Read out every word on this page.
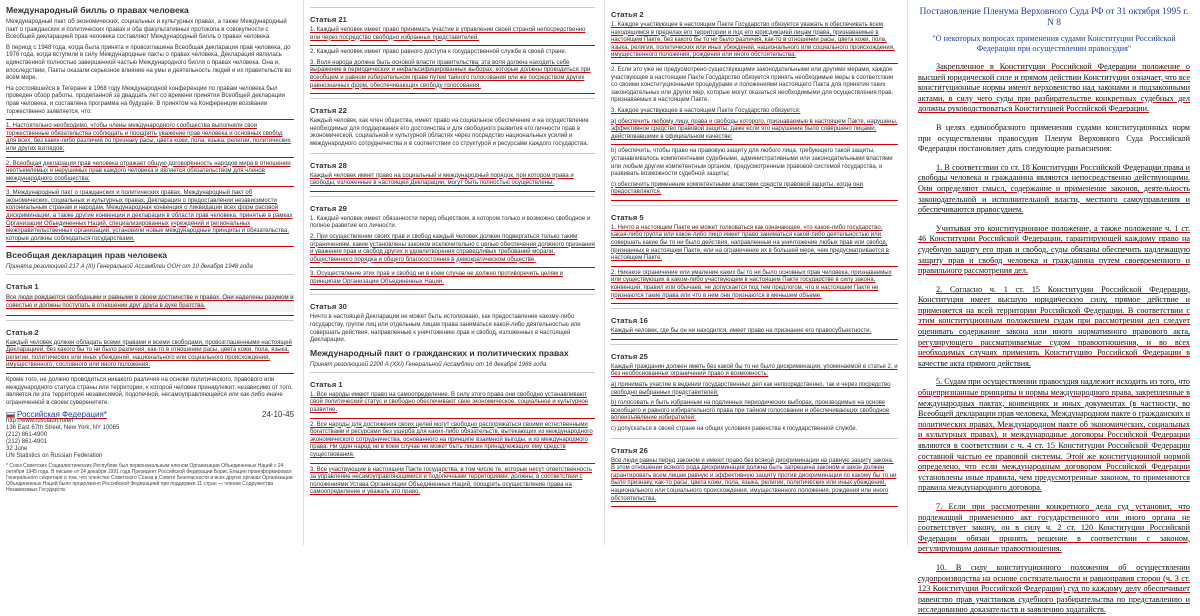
Международный билль о правах человека
Международный пакт об экономических, социальных и культурных правах, а также Международный пакт о гражданских и политических правах и оба факультативных протокола в совокупности с Всеобщей декларацией прав человека составляют Международный билль о правах человека.
В период с 1948 года, когда была принята и провозглашена Всеобщая декларация прав человека, до 1976 года, когда вступили в силу Международные пакты о правах человека, Декларация являлась единственной полностью завершенной частью Международного билля о правах человека. Она и, впоследствии, Пакты оказали серьезное влияние на умы и деятельность людей и их правительств во всем мире.
На состоявшейся в Тегеране в 1968 году Международной конференции по правам человека был проведен обзор работы, проделанной за двадцать лет со времени принятия Всеобщей декларации прав человека, и составлена программа на будущее. В принятом на Конференции воззвании торжественно заявляется, что:
1. Настоятельно необходимо, чтобы члены международного сообщества выполняли свои торжественные обязательства соблюдать и поощрять уважение прав человека и основных свобод для всех, без каких-либо различий по признаку расы, цвета кожи, пола, языка, религии, политических или других взглядов;
2. Всеобщая декларация прав человека отражает общую договоренность народов мира в отношении неотъемлемых и нерушимых прав каждого человека и является обязательством для членов международного сообщества;
3. Международный пакт о гражданских и политических правах, Международный пакт об экономических, социальных и культурных правах, Декларация о предоставлении независимости колониальным странам и народам, Международная конвенция о ликвидации всех форм расовой дискриминации, а также другие конвенции и декларации в области прав человека, принятые в рамках Организации Объединенных Наций, специализированных учреждений и региональных межправительственных организаций, установили новые международные принципы и обязательства, которые должны соблюдаться государствами.
Всеобщая декларация прав человека
Принята резолюцией 217 A (III) Генеральной Ассамблеи ООН от 10 декабря 1948 года
Статья 1
Все люди рождаются свободными и равными в своем достоинстве и правах. Они наделены разумом и совестью и должны поступать в отношении друг друга в духе братства.
Статья 2
Каждый человек должен обладать всеми правами и всеми свободами, провозглашенными настоящей Декларацией, без какого бы то ни было различия, как-то в отношении расы, цвета кожи, пола, языка, религии, политических или иных убеждений, национального или социального происхождения, имущественного, сословного или иного положения.
Кроме того, не должно проводиться никакого различия на основе политического, правового или международного статуса страны или территории, к которой человек принадлежит, независимо от того, является ли эта территория независимой, подопечной, несамоуправляющейся или как-либо иначе ограниченной в своем суверенитете.
Российская Федерация*	24-10-45
http://www.russiaun.ru/en
136 East 67th Street, New York, NY 10065
(212) 861-4900
(212) 861-4901
32 June
UN Statistics on Russian Federation
* Союз Советских Социалистических Республик был первоначальным членом Организации Объединенных Наций с 24 октября 1945 года. В письме от 24 декабря 1991 года Президент Российской Федерации Борис Ельцин проинформировал Генерального секретаря о том, что членство Советского Союза в Совете Безопасности и всех других органах Организации Объединенных Наций было продолжено Российской Федерацией при поддержке 11 стран — членов Содружества Независимых Государств.
Статья 21
1. Каждый человек имеет право принимать участие в управлении своей страной непосредственно или через посредство свободно избранных представителей.
2. Каждый человек имеет право равного доступа к государственной службе в своей стране.
3. Воля народа должна быть основой власти правительства; эта воля должна находить себе выражение в периодических и нефальсифицированных выборах, которые должны проводиться при всеобщем и равном избирательном праве путем тайного голосования или же посредством других равнозначных форм, обеспечивающих свободу голосования.
Статья 22
Каждый человек, как член общества, имеет право на социальное обеспечение и на осуществление необходимых для поддержания его достоинства и для свободного развития его личности прав в экономической, социальной и культурной областях через посредство национальных усилий и международного сотрудничества и в соответствии со структурой и ресурсами каждого государства.
Статья 28
Каждый человек имеет право на социальный и международный порядок, при котором права и свободы, изложенные в настоящей Декларации, могут быть полностью осуществлены.
Статья 29
1. Каждый человек имеет обязанности перед обществом, в котором только и возможно свободное и полное развитие его личности.
2. При осуществлении своих прав и свобод каждый человек должен подвергаться только таким ограничениям, какие установлены законом исключительно с целью обеспечения должного признания и уважения прав и свобод других и удовлетворения справедливых требований морали, общественного порядка и общего благосостояния в демократическом обществе.
3. Осуществление этих прав и свобод ни в коем случае не должно противоречить целям и принципам Организации Объединенных Наций.
Статья 30
Ничто в настоящей Декларации не может быть истолковано, как предоставление какому-либо государству, группе лиц или отдельным лицам права заниматься какой-либо деятельностью или совершать действия, направленные к уничтожению прав и свобод, изложенных в настоящей Декларации.
Международный пакт о гражданских и политических правах
Принят резолюцией 2200 A (XXI) Генеральной Ассамблеи от 16 декабря 1966 года
Статья 1
1. Все народы имеют право на самоопределение. В силу этого права они свободно устанавливают свой политический статус и свободно обеспечивают свое экономическое, социальное и культурное развитие.
2. Все народы для достижения своих целей могут свободно распоряжаться своими естественными богатствами и ресурсами без ущерба для каких-либо обязательств, вытекающих из международного экономического сотрудничества, основанного на принципе взаимной выгоды, и из международного права. Ни один народ ни в коем случае не может быть лишен принадлежащих ему средств существования.
3. Все участвующие в настоящем Пакте государства, в том числе те, которые несут ответственность за управление несамоуправляющимися и подопечными территориями, должны, в соответствии с положениями Устава Организации Объединенных Наций, поощрять осуществление права на самоопределение и уважать это право.
Статья 2
1. Каждое участвующее в настоящем Пакте Государство обязуется уважать и обеспечивать всем находящимся в пределах его территории и под его юрисдикцией лицам права, признаваемые в настоящем Пакте, без какого бы то ни было различия, как-то в отношении расы, цвета кожи, пола, языка, религии, политических или иных убеждений, национального или социального происхождения, имущественного положения, рождения или иного обстоятельства.
2. Если это уже не предусмотрено существующими законодательными или другими мерами, каждое участвующее в настоящем Пакте Государство обязуется принять необходимые меры в соответствии со своими конституционными процедурами и положениями настоящего Пакта для принятия таких законодательных или других мер, которые могут оказаться необходимыми для осуществления прав, признаваемых в настоящем Пакте.
3. Каждое участвующее в настоящем Пакте Государство обязуется:
a) обеспечить любому лицу, права и свободы которого, признаваемые в настоящем Пакте, нарушены, эффективное средство правовой защиты, даже если это нарушение было совершено лицами, действовавшими в официальном качестве;
b) обеспечить, чтобы право на правовую защиту для любого лица, требующего такой защиты, устанавливалось компетентными судебными, административными или законодательными властями или любым другим компетентным органом, предусмотренным правовой системой государства, и развивать возможности судебной защиты;
c) обеспечить применение компетентными властями средств правовой защиты, когда они предоставляются.
Статья 5
1. Ничто в настоящем Пакте не может толковаться как означающее, что какое-либо государство, какая-либо группа или какое-либо лицо имеет право заниматься какой-либо деятельностью или совершать какие бы то ни было действия, направленные на уничтожение любых прав или свобод, признанных в настоящем Пакте, или на ограничение их в большей мере, чем предусматривается в настоящем Пакте.
2. Никакое ограничение или умаление каких бы то ни было основных прав человека, признаваемых или существующих в каком-либо участвующем в настоящем Пакте государстве в силу закона, конвенций, правил или обычаев, не допускается под тем предлогом, что в настоящем Пакте не признаются такие права или что в нем они признаются в меньшем объеме.
Статья 16
Каждый человек, где бы он ни находился, имеет право на признание его правосубъектности.
Статья 25
Каждый гражданин должен иметь без какой бы то ни было дискриминации, упоминаемой в статье 2, и без необоснованных ограничений право и возможность:
a) принимать участие в ведении государственных дел как непосредственно, так и через посредство свободно выбранных представителей;
b) голосовать и быть избранным на подлинных периодических выборах, производимых на основе всеобщего и равного избирательного права при тайном голосовании и обеспечивающих свободное волеизъявление избирателей;
c) допускаться в своей стране на общих условиях равенства к государственной службе.
Статья 26
Все люди равны перед законом и имеют право без всякой дискриминации на равную защиту закона. В этом отношении всякого рода дискриминация должна быть запрещена законом и закон должен гарантировать всем лицам равную и эффективную защиту против дискриминации по какому бы то ни было признаку, как-то расы, цвета кожи, пола, языка, религии, политических или иных убеждений, национального или социального происхождения, имущественного положения, рождения или иного обстоятельства.
Постановление Пленума Верховного Суда РФ от 31 октября 1995 г. N 8
"О некоторых вопросах применения судами Конституции Российской Федерации при осуществлении правосудия"
Закрепленное в Конституции Российской Федерации положение о высшей юридической силе и прямом действии Конституции означает, что все конституционные нормы имеют верховенство над законами и подзаконными актами, в силу чего суды при разбирательстве конкретных судебных дел должны руководствоваться Конституцией Российской Федерации.
В целях единообразного применения судами конституционных норм при осуществлении правосудия Пленум Верховного Суда Российской Федерации постановляет дать следующие разъяснения:
1. В соответствии со ст. 18 Конституции Российской Федерации права и свободы человека и гражданина являются непосредственно действующими. Они определяют смысл, содержание и применение законов, деятельность законодательной и исполнительной власти, местного самоуправления и обеспечиваются правосудием.
Учитывая это конституционное положение, а также положение ч. 1 ст. 46 Конституции Российской Федерации, гарантирующей каждому право на судебную защиту его прав и свобод, суды обязаны обеспечить надлежащую защиту прав и свобод человека и гражданина путем своевременного и правильного рассмотрения дел.
2. Согласно ч. 1 ст. 15 Конституции Российской Федерации, Конституция имеет высшую юридическую силу, прямое действие и применяется на всей территории Российской Федерации. В соответствии с этим конституционным положением судам при рассмотрении дел следует оценивать содержание закона или иного нормативного правового акта, регулирующего рассматриваемые судом правоотношения, и во всех необходимых случаях применять Конституцию Российской Федерации в качестве акта прямого действия.
5. Судам при осуществлении правосудия надлежит исходить из того, что общепризнанные принципы и нормы международного права, закрепленные в международных пактах, конвенциях и иных документах (в частности, во Всеобщей декларации прав человека, Международном пакте о гражданских и политических правах, Международном пакте об экономических, социальных и культурных правах), и международные договоры Российской Федерации являются в соответствии с ч. 4 ст. 15 Конституции Российской Федерации составной частью ее правовой системы. Этой же конституционной нормой определено, что если международным договором Российской Федерации установлены иные правила, чем предусмотренные законом, то применяются правила международного договора.
7. Если при рассмотрении конкретного дела суд установит, что подлежащий применению акт государственного или иного органа не соответствует закону, он в силу ч. 2 ст. 120 Конституции Российской Федерации обязан принять решение в соответствии с законом, регулирующим данные правоотношения.
10. В силу конституционного положения об осуществлении судопроизводства на основе состязательности и равноправия сторон (ч. 3 ст. 123 Конституции Российской Федерации) суд по каждому делу обеспечивает равенство прав участников судебного разбирательства по представлению и исследованию доказательств и заявлению ходатайств.
